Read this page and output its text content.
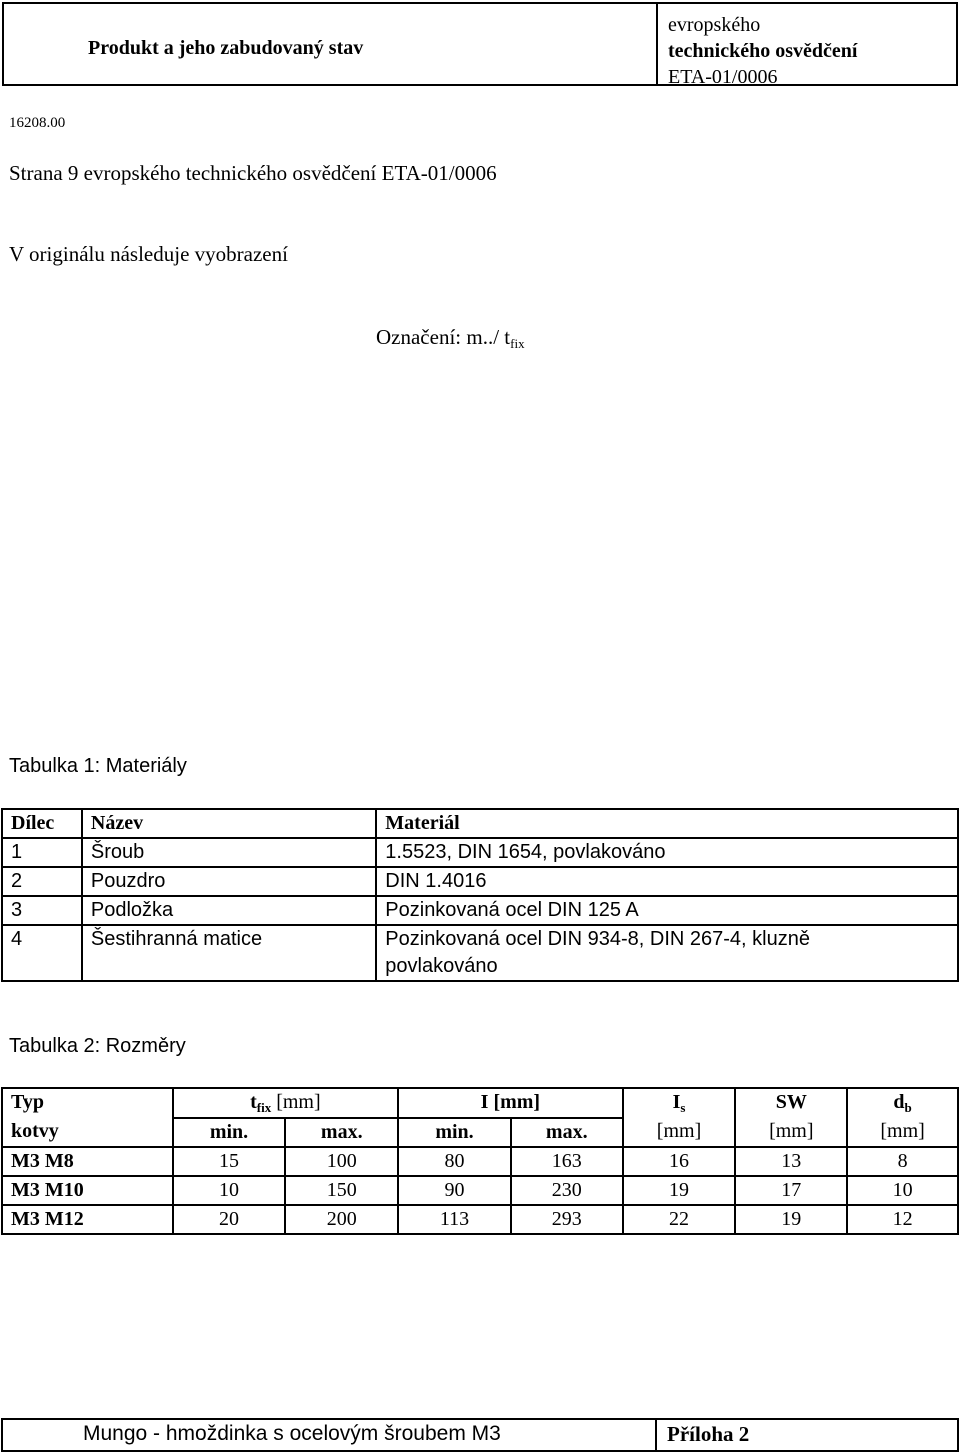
Produkt a jeho zabudovaný stav
evropského
technického osvědčení
ETA-01/0006
16208.00
Strana 9 evropského technického osvědčení ETA-01/0006
V originálu následuje vyobrazení
Označení: m../ tfix
Tabulka 1: Materiály
Dílec	Název	Materiál
1	Šroub	1.5523, DIN 1654, povlakováno
2	Pouzdro	DIN 1.4016
3	Podložka	Pozinkovaná ocel DIN 125 A
4	Šestihranná matice	Pozinkovaná ocel DIN 934-8, DIN 267-4, kluzně povlakováno
Tabulka 2: Rozměry
Typ	$t_{fix}$ [mm]		I [mm]		$I_s$	SW	$d_b$
kotvy	min.	max.	min.	max.	[mm]	[mm]	[mm]
M3 M8	15	100	80	163	16	13	8
M3 M10	10	150	90	230	19	17	10
M3 M12	20	200	113	293	22	19	12
Mungo - hmoždinka s ocelovým šroubem M3	Příloha 2
